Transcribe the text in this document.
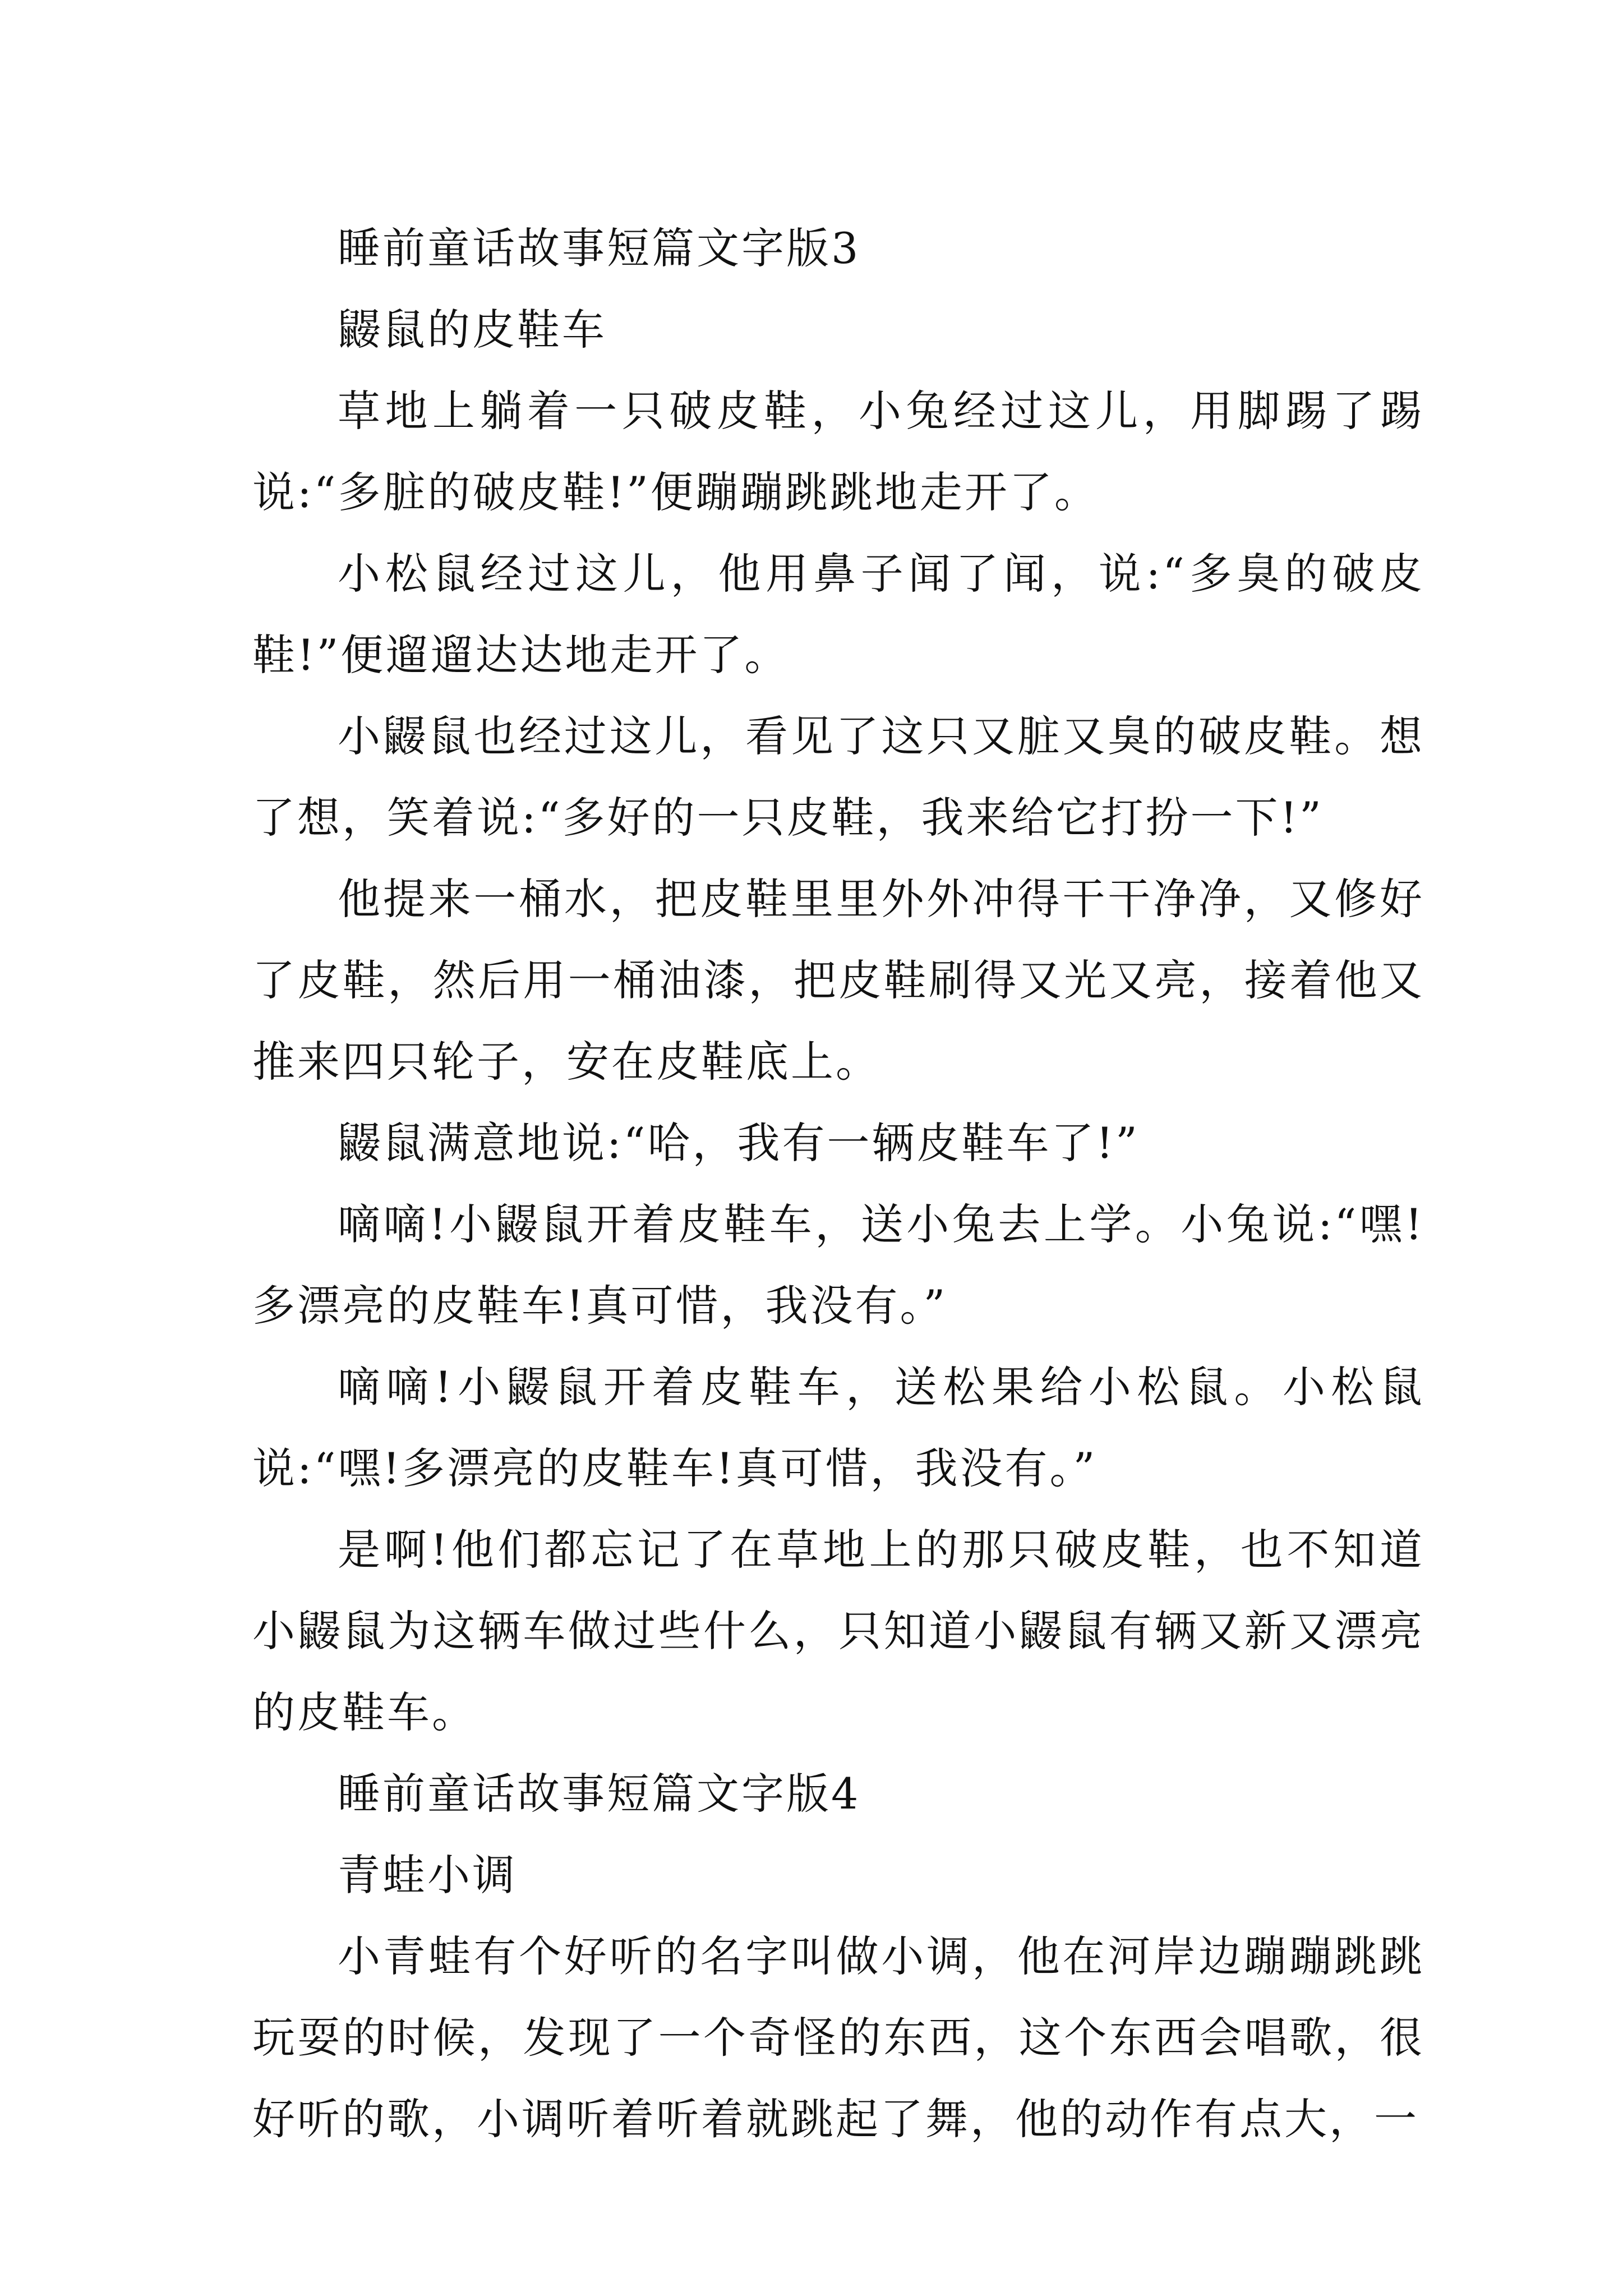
睡前童话故事短篇文字版3

鼹鼠的皮鞋车

草地上躺着一只破皮鞋，小兔经过这儿，用脚踢了踢说:“多脏的破皮鞋!”便蹦蹦跳跳地走开了。

小松鼠经过这儿，他用鼻子闻了闻，说:“多臭的破皮鞋!”便遛遛达达地走开了。

小鼹鼠也经过这儿，看见了这只又脏又臭的破皮鞋。想了想，笑着说:“多好的一只皮鞋，我来给它打扮一下!”

他提来一桶水，把皮鞋里里外外冲得干干净净，又修好了皮鞋，然后用一桶油漆，把皮鞋刷得又光又亮，接着他又推来四只轮子，安在皮鞋底上。

鼹鼠满意地说:“哈，我有一辆皮鞋车了!”

嘀嘀!小鼹鼠开着皮鞋车，送小兔去上学。小兔说:“嘿!多漂亮的皮鞋车!真可惜，我没有。”

嘀嘀!小鼹鼠开着皮鞋车，送松果给小松鼠。小松鼠说:“嘿!多漂亮的皮鞋车!真可惜，我没有。”

是啊!他们都忘记了在草地上的那只破皮鞋，也不知道小鼹鼠为这辆车做过些什么，只知道小鼹鼠有辆又新又漂亮的皮鞋车。

睡前童话故事短篇文字版4

青蛙小调

小青蛙有个好听的名字叫做小调，他在河岸边蹦蹦跳跳玩耍的时候，发现了一个奇怪的东西，这个东西会唱歌，很好听的歌，小调听着听着就跳起了舞，他的动作有点大，一
